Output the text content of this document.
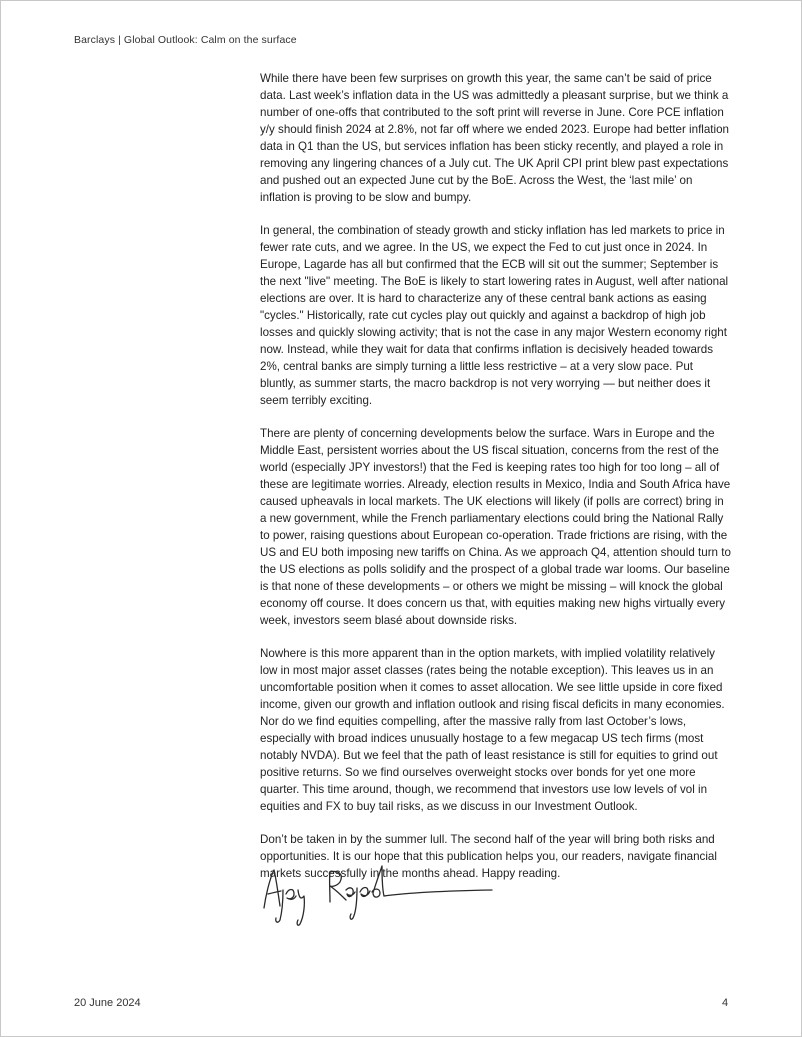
Barclays | Global Outlook: Calm on the surface

While there have been few surprises on growth this year, the same can’t be said of price data. Last week’s inflation data in the US was admittedly a pleasant surprise, but we think a number of one-offs that contributed to the soft print will reverse in June. Core PCE inflation y/y should finish 2024 at 2.8%, not far off where we ended 2023. Europe had better inflation data in Q1 than the US, but services inflation has been sticky recently, and played a role in removing any lingering chances of a July cut. The UK April CPI print blew past expectations and pushed out an expected June cut by the BoE. Across the West, the ‘last mile’ on inflation is proving to be slow and bumpy.

In general, the combination of steady growth and sticky inflation has led markets to price in fewer rate cuts, and we agree. In the US, we expect the Fed to cut just once in 2024. In Europe, Lagarde has all but confirmed that the ECB will sit out the summer; September is the next "live" meeting. The BoE is likely to start lowering rates in August, well after national elections are over. It is hard to characterize any of these central bank actions as easing "cycles." Historically, rate cut cycles play out quickly and against a backdrop of high job losses and quickly slowing activity; that is not the case in any major Western economy right now. Instead, while they wait for data that confirms inflation is decisively headed towards 2%, central banks are simply turning a little less restrictive – at a very slow pace. Put bluntly, as summer starts, the macro backdrop is not very worrying — but neither does it seem terribly exciting.

There are plenty of concerning developments below the surface. Wars in Europe and the Middle East, persistent worries about the US fiscal situation, concerns from the rest of the world (especially JPY investors!) that the Fed is keeping rates too high for too long – all of these are legitimate worries. Already, election results in Mexico, India and South Africa have caused upheavals in local markets. The UK elections will likely (if polls are correct) bring in a new government, while the French parliamentary elections could bring the National Rally to power, raising questions about European co-operation. Trade frictions are rising, with the US and EU both imposing new tariffs on China. As we approach Q4, attention should turn to the US elections as polls solidify and the prospect of a global trade war looms. Our baseline is that none of these developments – or others we might be missing – will knock the global economy off course. It does concern us that, with equities making new highs virtually every week, investors seem blasé about downside risks.

Nowhere is this more apparent than in the option markets, with implied volatility relatively low in most major asset classes (rates being the notable exception). This leaves us in an uncomfortable position when it comes to asset allocation. We see little upside in core fixed income, given our growth and inflation outlook and rising fiscal deficits in many economies. Nor do we find equities compelling, after the massive rally from last October’s lows, especially with broad indices unusually hostage to a few megacap US tech firms (most notably NVDA). But we feel that the path of least resistance is still for equities to grind out positive returns. So we find ourselves overweight stocks over bonds for yet one more quarter. This time around, though, we recommend that investors use low levels of vol in equities and FX to buy tail risks, as we discuss in our Investment Outlook.

Don’t be taken in by the summer lull. The second half of the year will bring both risks and opportunities. It is our hope that this publication helps you, our readers, navigate financial markets successfully in the months ahead. Happy reading.

20 June 2024	4
